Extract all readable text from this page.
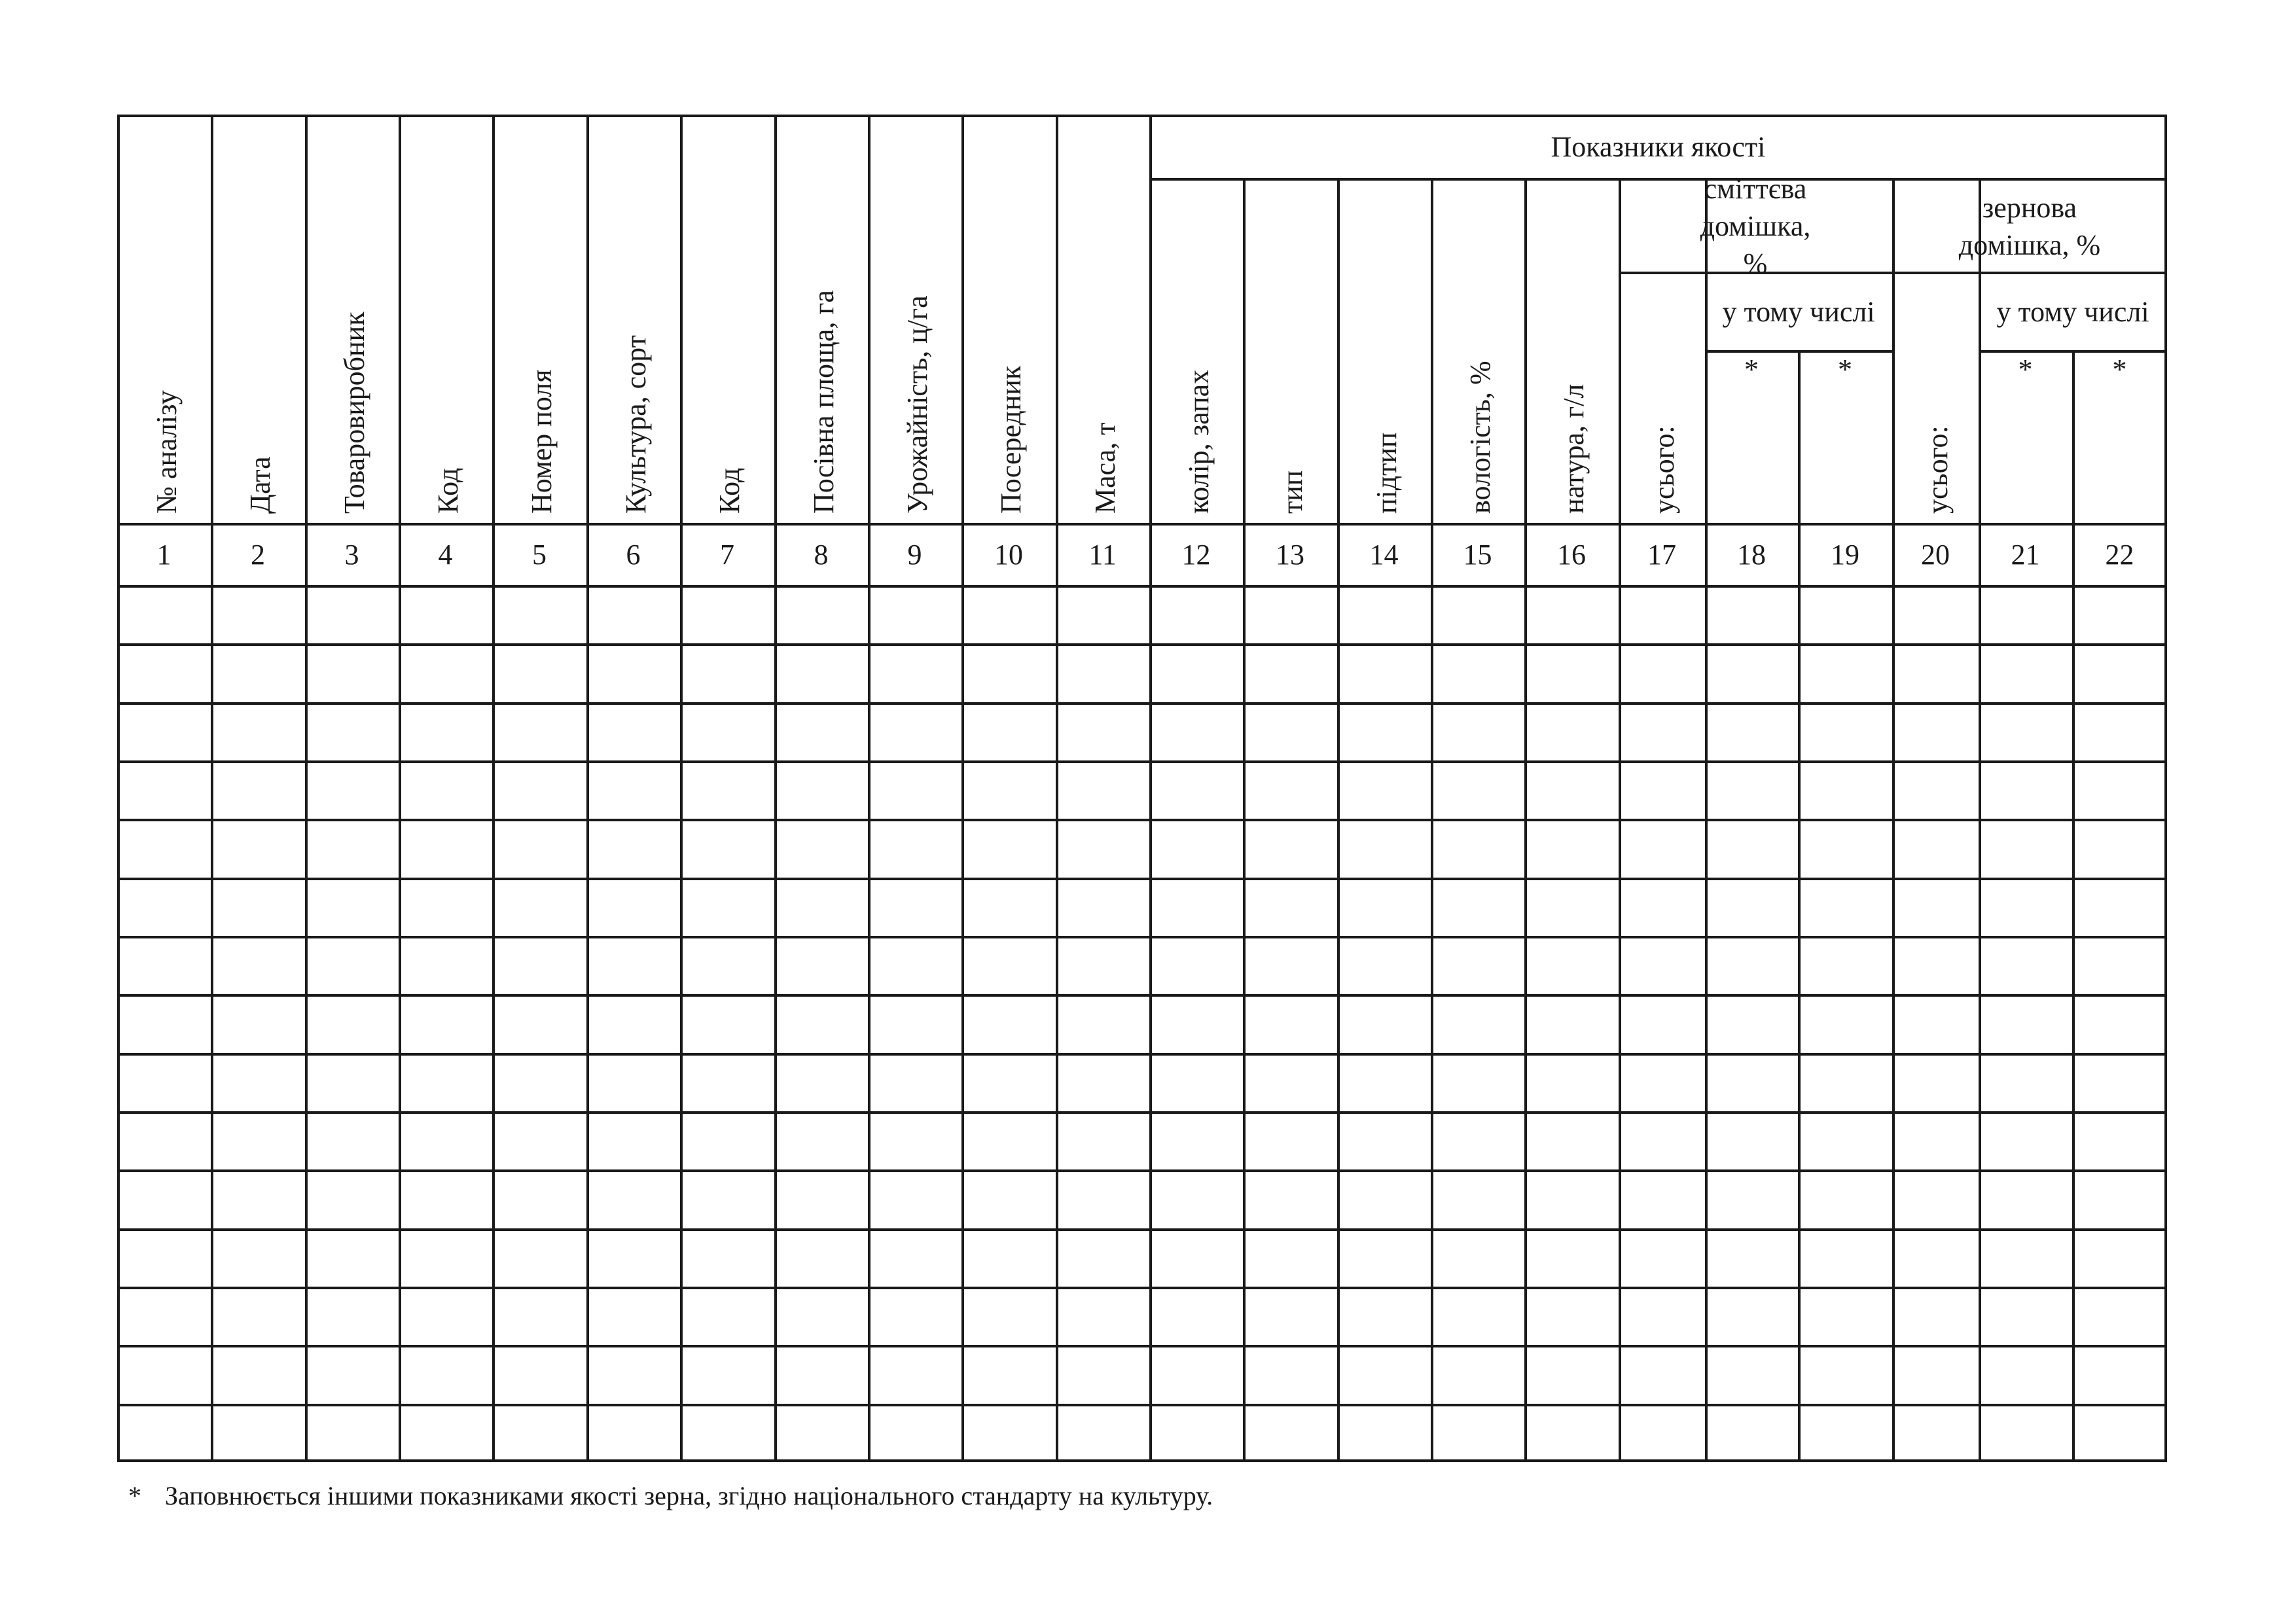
Показники якості
сміттєва домішка, %
зернова домішка, %
у тому числі	у тому числі
№ аналізу
1
Дата
2
Товаровиробник
3
Код
4
Номер поля
5
Культура, сорт
6
Код
7
Посівна площа, га
8
Урожайність, ц/га
9
Посередник
10
Маса, т
11
колір, запах
12
тип
13
підтип
14
вологість, %
15
натура, г/л
16
усього:
17
*
18
*
19
усього:
20
*
21
*
22
* Заповнюється іншими показниками якості зерна, згідно національного стандарту на культуру.
